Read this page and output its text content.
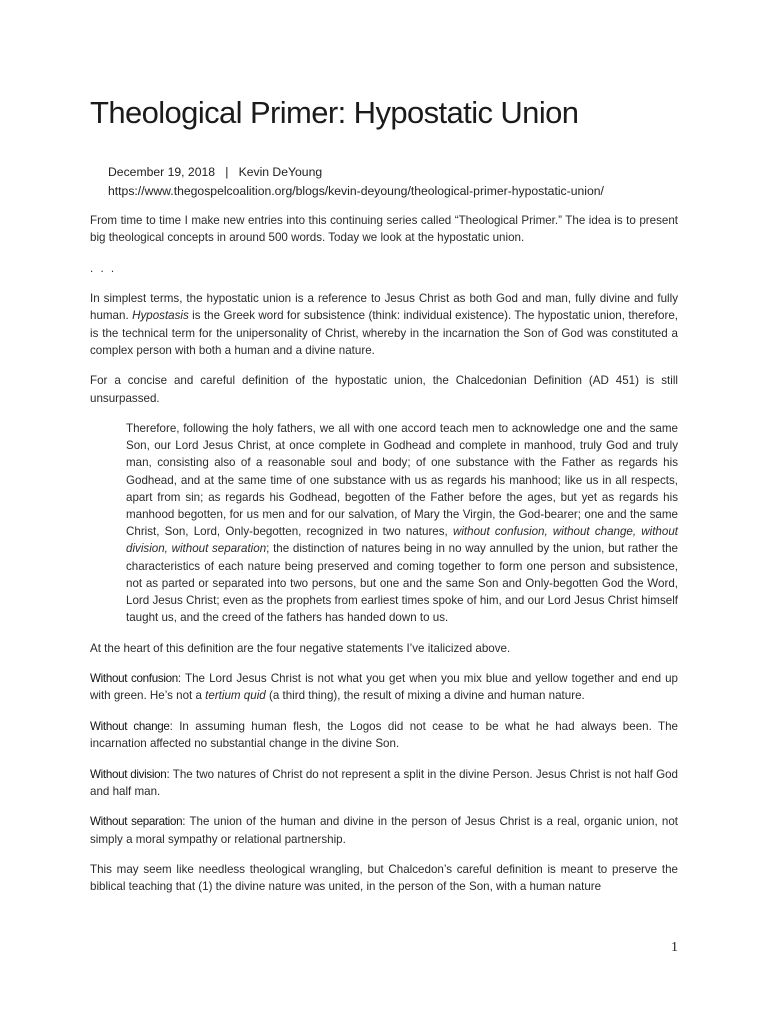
Theological Primer: Hypostatic Union
December 19, 2018 | Kevin DeYoung
https://www.thegospelcoalition.org/blogs/kevin-deyoung/theological-primer-hypostatic-union/

From time to time I make new entries into this continuing series called “Theological Primer.” The idea is to present big theological concepts in around 500 words. Today we look at the hypostatic union.

. . .

In simplest terms, the hypostatic union is a reference to Jesus Christ as both God and man, fully divine and fully human. Hypostasis is the Greek word for subsistence (think: individual existence). The hypostatic union, therefore, is the technical term for the unipersonality of Christ, whereby in the incarnation the Son of God was constituted a complex person with both a human and a divine nature.

For a concise and careful definition of the hypostatic union, the Chalcedonian Definition (AD 451) is still unsurpassed.

Therefore, following the holy fathers, we all with one accord teach men to acknowledge one and the same Son, our Lord Jesus Christ, at once complete in Godhead and complete in manhood, truly God and truly man, consisting also of a reasonable soul and body; of one substance with the Father as regards his Godhead, and at the same time of one substance with us as regards his manhood; like us in all respects, apart from sin; as regards his Godhead, begotten of the Father before the ages, but yet as regards his manhood begotten, for us men and for our salvation, of Mary the Virgin, the God-bearer; one and the same Christ, Son, Lord, Only-begotten, recognized in two natures, without confusion, without change, without division, without separation; the distinction of natures being in no way annulled by the union, but rather the characteristics of each nature being preserved and coming together to form one person and subsistence, not as parted or separated into two persons, but one and the same Son and Only-begotten God the Word, Lord Jesus Christ; even as the prophets from earliest times spoke of him, and our Lord Jesus Christ himself taught us, and the creed of the fathers has handed down to us.

At the heart of this definition are the four negative statements I’ve italicized above.

Without confusion: The Lord Jesus Christ is not what you get when you mix blue and yellow together and end up with green. He’s not a tertium quid (a third thing), the result of mixing a divine and human nature.

Without change: In assuming human flesh, the Logos did not cease to be what he had always been. The incarnation affected no substantial change in the divine Son.

Without division: The two natures of Christ do not represent a split in the divine Person. Jesus Christ is not half God and half man.

Without separation: The union of the human and divine in the person of Jesus Christ is a real, organic union, not simply a moral sympathy or relational partnership.

This may seem like needless theological wrangling, but Chalcedon’s careful definition is meant to preserve the biblical teaching that (1) the divine nature was united, in the person of the Son, with a human nature

1
